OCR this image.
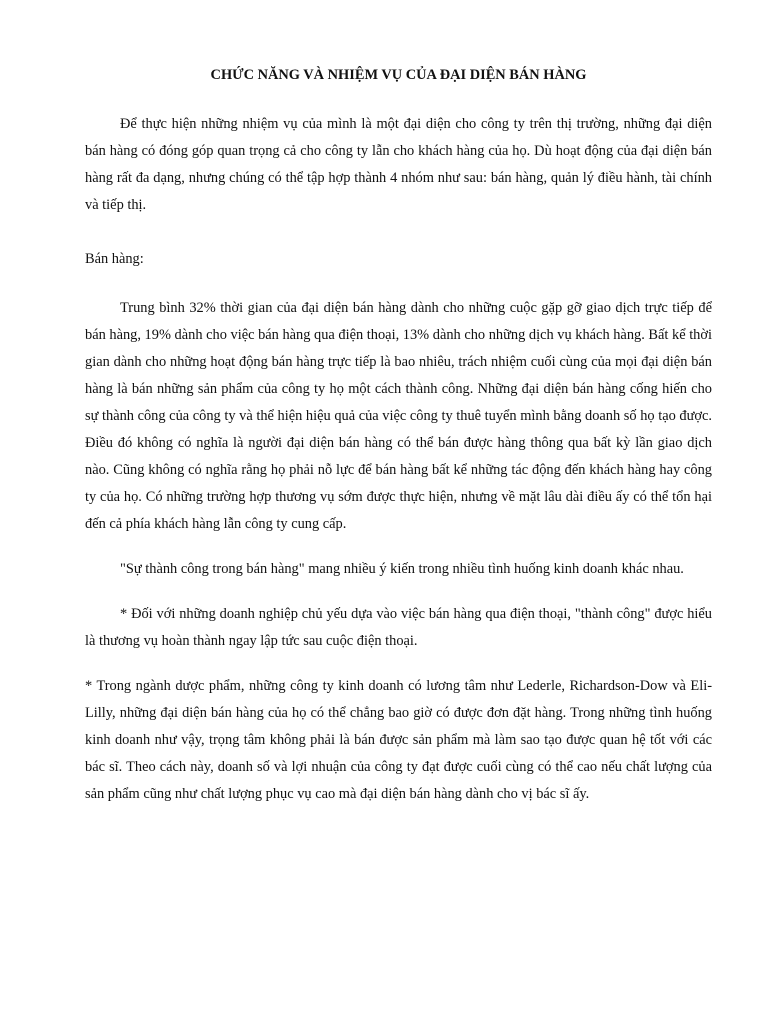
CHỨC NĂNG VÀ NHIỆM VỤ CỦA ĐẠI DIỆN BÁN HÀNG

Để thực hiện những nhiệm vụ của mình là một đại diện cho công ty trên thị trường, những đại diện bán hàng có đóng góp quan trọng cả cho công ty lẫn cho khách hàng của họ. Dù hoạt động của đại diện bán hàng rất đa dạng, nhưng chúng có thể tập hợp thành 4 nhóm như sau: bán hàng, quản lý điều hành, tài chính và tiếp thị.

Bán hàng:

Trung bình 32% thời gian của đại diện bán hàng dành cho những cuộc gặp gỡ giao dịch trực tiếp để bán hàng, 19% dành cho việc bán hàng qua điện thoại, 13% dành cho những dịch vụ khách hàng. Bất kể thời gian dành cho những hoạt động bán hàng trực tiếp là bao nhiêu, trách nhiệm cuối cùng của mọi đại diện bán hàng là bán những sản phẩm của công ty họ một cách thành công. Những đại diện bán hàng cống hiến cho sự thành công của công ty và thể hiện hiệu quả của việc công ty thuê tuyển mình bằng doanh số họ tạo được. Điều đó không có nghĩa là người đại diện bán hàng có thể bán được hàng thông qua bất kỳ lần giao dịch nào. Cũng không có nghĩa rằng họ phải nỗ lực để bán hàng bất kể những tác động đến khách hàng hay công ty của họ. Có những trường hợp thương vụ sớm được thực hiện, nhưng về mặt lâu dài điều ấy có thể tổn hại đến cả phía khách hàng lẫn công ty cung cấp.

"Sự thành công trong bán hàng" mang nhiều ý kiến trong nhiều tình huống kinh doanh khác nhau.

* Đối với những doanh nghiệp chủ yếu dựa vào việc bán hàng qua điện thoại, "thành công" được hiểu là thương vụ hoàn thành ngay lập tức sau cuộc điện thoại.

* Trong ngành dược phẩm, những công ty kinh doanh có lương tâm như Lederle, Richardson-Dow và Eli-Lilly, những đại diện bán hàng của họ có thể chẳng bao giờ có được đơn đặt hàng. Trong những tình huống kinh doanh như vậy, trọng tâm không phải là bán được sản phẩm mà làm sao tạo được quan hệ tốt với các bác sĩ. Theo cách này, doanh số và lợi nhuận của công ty đạt được cuối cùng có thể cao nếu chất lượng của sản phẩm cũng như chất lượng phục vụ cao mà đại diện bán hàng dành cho vị bác sĩ ấy.
